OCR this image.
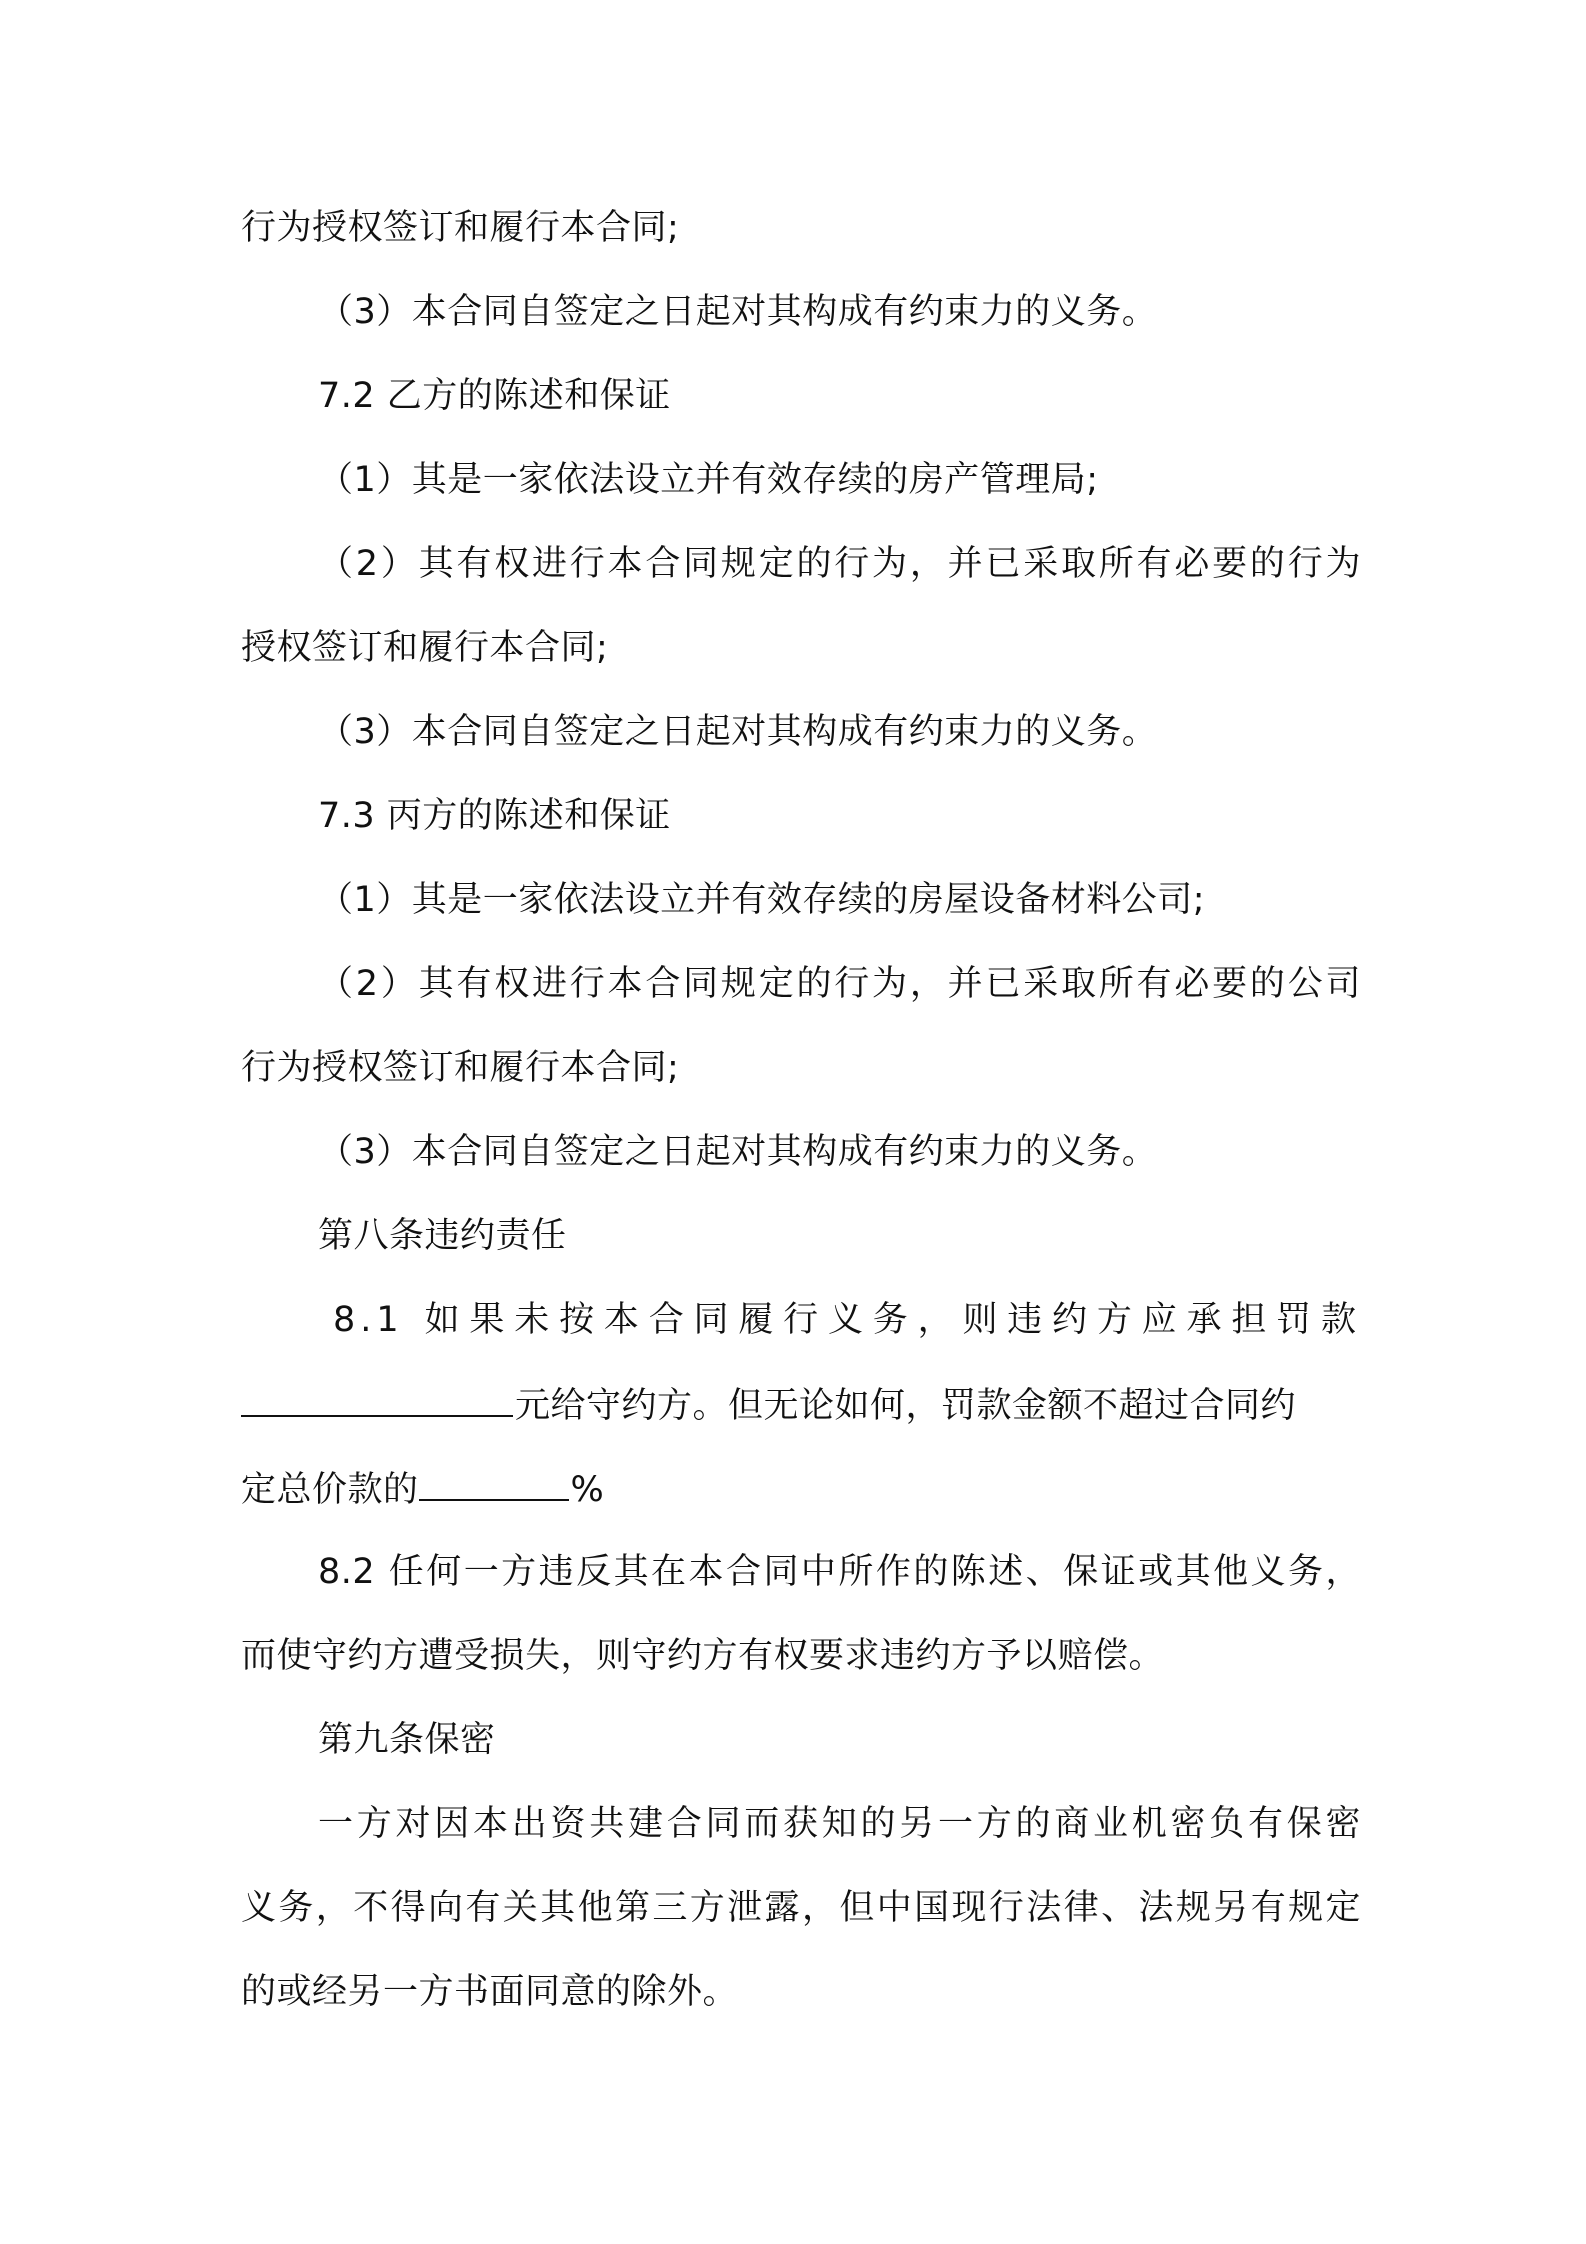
行为授权签订和履行本合同;
（3）本合同自签定之日起对其构成有约束力的义务。
7.2 乙方的陈述和保证
（1）其是一家依法设立并有效存续的房产管理局;
（2）其有权进行本合同规定的行为，并已采取所有必要的行为
授权签订和履行本合同;
（3）本合同自签定之日起对其构成有约束力的义务。
7.3 丙方的陈述和保证
（1）其是一家依法设立并有效存续的房屋设备材料公司;
（2）其有权进行本合同规定的行为，并已采取所有必要的公司
行为授权签订和履行本合同;
（3）本合同自签定之日起对其构成有约束力的义务。
第八条违约责任
8.1 如果未按本合同履行义务，则违约方应承担罚款
元给守约方。但无论如何，罚款金额不超过合同约
定总价款的	%
8.2 任何一方违反其在本合同中所作的陈述、保证或其他义务，
而使守约方遭受损失，则守约方有权要求违约方予以赔偿。
第九条保密
一方对因本出资共建合同而获知的另一方的商业机密负有保密
义务，不得向有关其他第三方泄露，但中国现行法律、法规另有规定
的或经另一方书面同意的除外。
